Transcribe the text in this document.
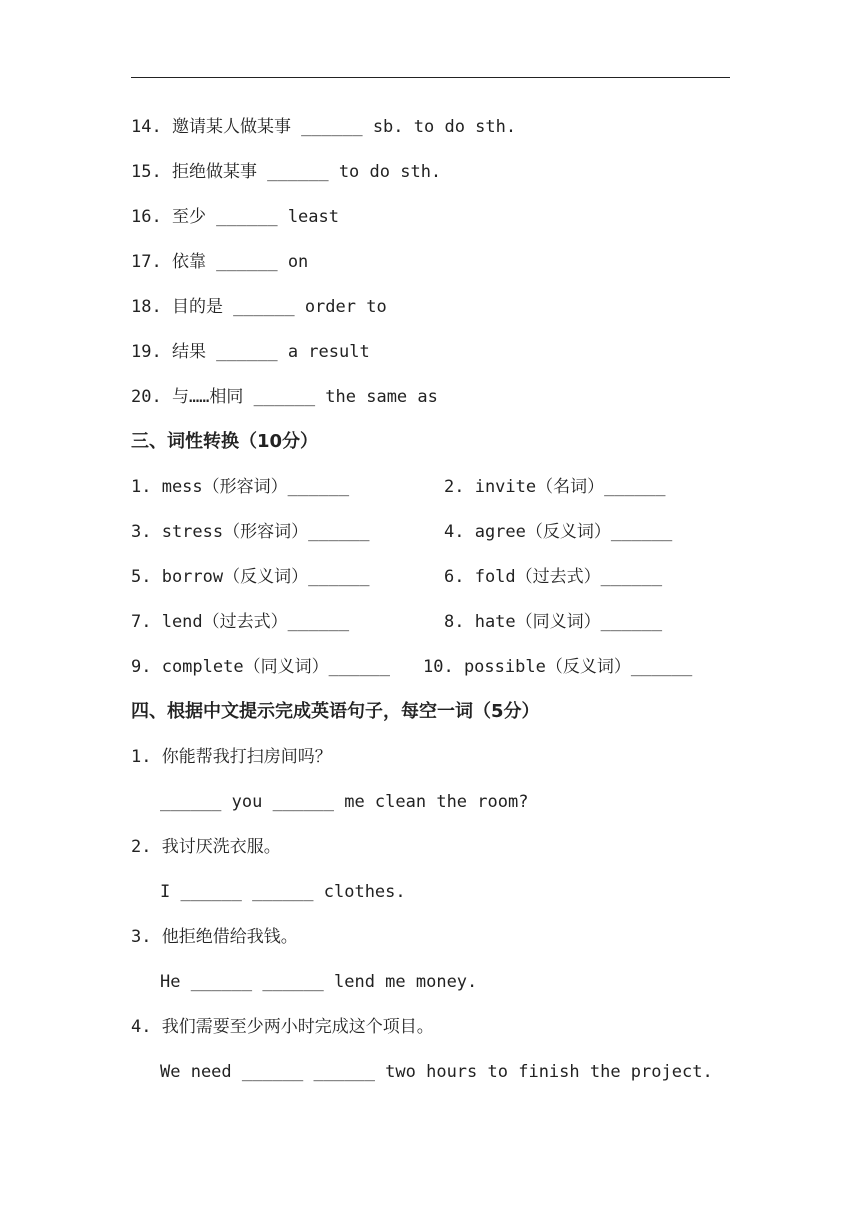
14. 邀请某人做某事 ______ sb. to do sth.
15. 拒绝做某事 ______ to do sth.
16. 至少 ______ least
17. 依靠 ______ on
18. 目的是 ______ order to
19. 结果 ______ a result
20. 与……相同 ______ the same as
三、词性转换（10分）
1. mess（形容词）______	2. invite（名词）______
3. stress（形容词）______	4. agree（反义词）______
5. borrow（反义词）______	6. fold（过去式）______
7. lend（过去式）______	8. hate（同义词）______
9. complete（同义词）______ 10. possible（反义词）______
四、根据中文提示完成英语句子，每空一词（5分）
1. 你能帮我打扫房间吗？
______ you ______ me clean the room?
2. 我讨厌洗衣服。
I ______ ______ clothes.
3. 他拒绝借给我钱。
He ______ ______ lend me money.
4. 我们需要至少两小时完成这个项目。
We need ______ ______ two hours to finish the project.
